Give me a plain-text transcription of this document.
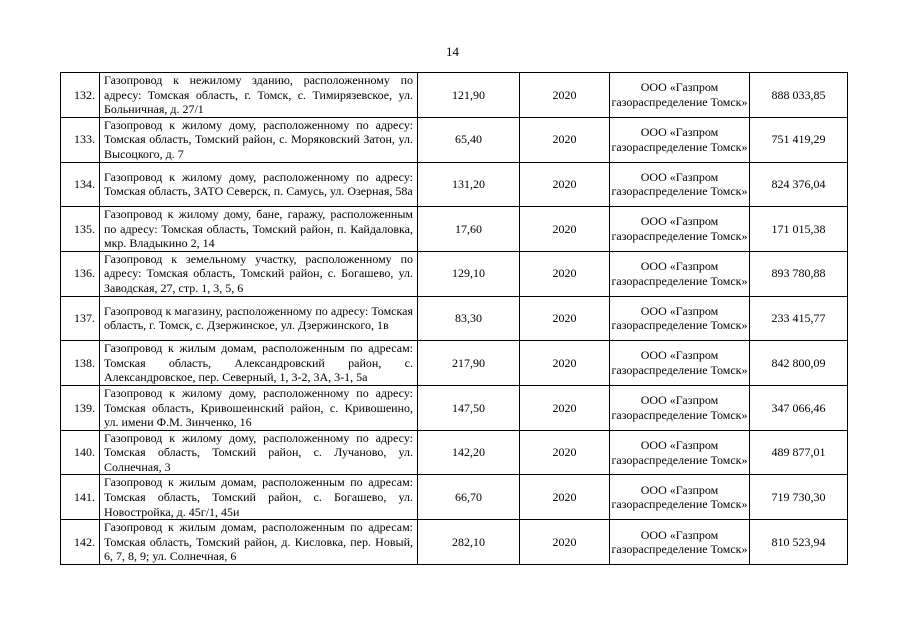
14
132.	Газопровод к нежилому зданию, расположенному по адресу: Томская область, г. Томск, с. Тимирязевское, ул. Больничная, д. 27/1	121,90	2020	ООО «Газпром газораспределение Томск»	888 033,85
133.	Газопровод к жилому дому, расположенному по адресу: Томская область, Томский район, с. Моряковский Затон, ул. Высоцкого, д. 7	65,40	2020	ООО «Газпром газораспределение Томск»	751 419,29
134.	Газопровод к жилому дому, расположенному по адресу: Томская область, ЗАТО Северск, п. Самусь, ул. Озерная, 58а	131,20	2020	ООО «Газпром газораспределение Томск»	824 376,04
135.	Газопровод к жилому дому, бане, гаражу, расположенным по адресу: Томская область, Томский район, п. Кайдаловка, мкр. Владыкино 2, 14	17,60	2020	ООО «Газпром газораспределение Томск»	171 015,38
136.	Газопровод к земельному участку, расположенному по адресу: Томская область, Томский район, с. Богашево, ул. Заводская, 27, стр. 1, 3, 5, 6	129,10	2020	ООО «Газпром газораспределение Томск»	893 780,88
137.	Газопровод к магазину, расположенному по адресу: Томская область, г. Томск, с. Дзержинское, ул. Дзержинского, 1в	83,30	2020	ООО «Газпром газораспределение Томск»	233 415,77
138.	Газопровод к жилым домам, расположенным по адресам: Томская область, Александровский район, с. Александровское, пер. Северный, 1, 3-2, 3А, 3-1, 5а	217,90	2020	ООО «Газпром газораспределение Томск»	842 800,09
139.	Газопровод к жилому дому, расположенному по адресу: Томская область, Кривошеинский район, с. Кривошеино, ул. имени Ф.М. Зинченко, 16	147,50	2020	ООО «Газпром газораспределение Томск»	347 066,46
140.	Газопровод к жилому дому, расположенному по адресу: Томская область, Томский район, с. Лучаново, ул. Солнечная, 3	142,20	2020	ООО «Газпром газораспределение Томск»	489 877,01
141.	Газопровод к жилым домам, расположенным по адресам: Томская область, Томский район, с. Богашево, ул. Новостройка, д. 45г/1, 45и	66,70	2020	ООО «Газпром газораспределение Томск»	719 730,30
142.	Газопровод к жилым домам, расположенным по адресам: Томская область, Томский район, д. Кисловка, пер. Новый, 6, 7, 8, 9; ул. Солнечная, 6	282,10	2020	ООО «Газпром газораспределение Томск»	810 523,94
